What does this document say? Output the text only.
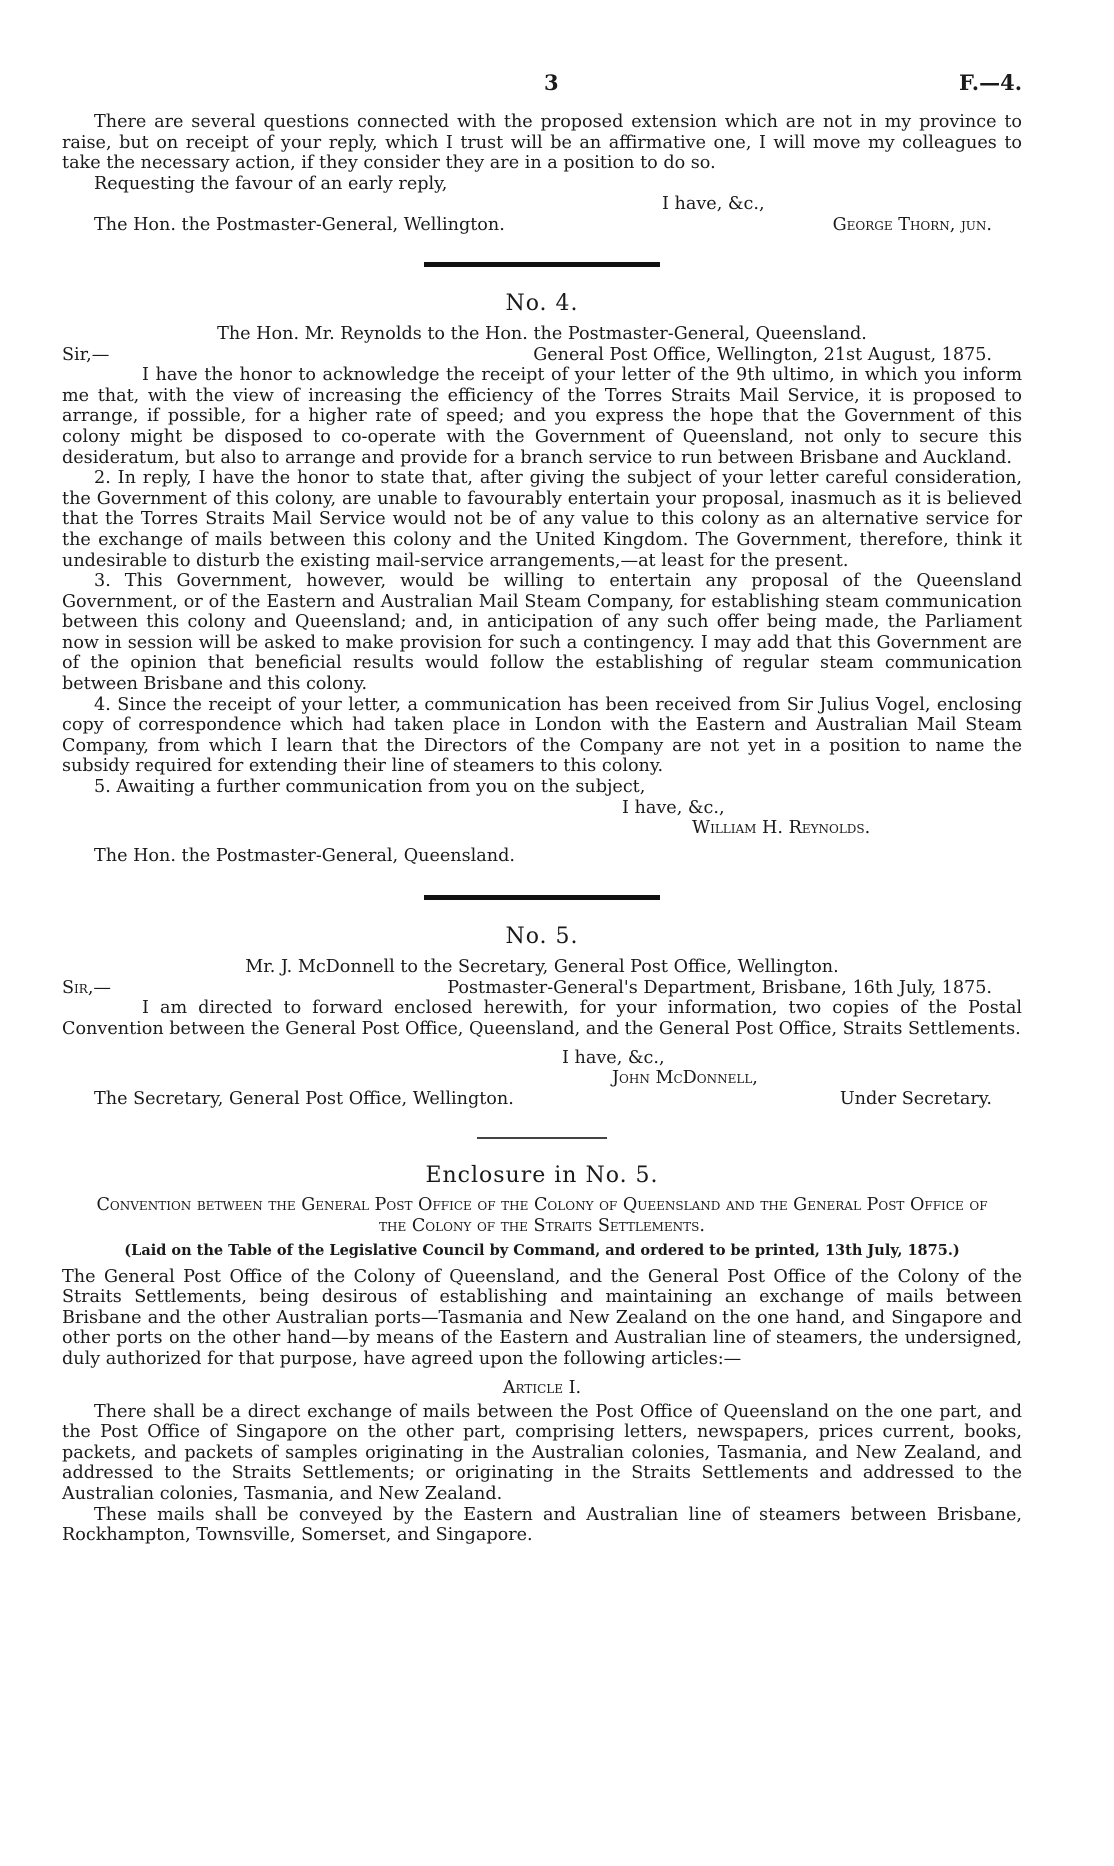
3	F.—4.

There are several questions connected with the proposed extension which are not in my province to raise, but on receipt of your reply, which I trust will be an affirmative one, I will move my colleagues to take the necessary action, if they consider they are in a position to do so.

Requesting the favour of an early reply,

I have, &c.,
The Hon. the Postmaster-General, Wellington.	George Thorn, jun.
No. 4.
The Hon. Mr. Reynolds to the Hon. the Postmaster-General, Queensland.
Sir,—	General Post Office, Wellington, 21st August, 1875.

I have the honor to acknowledge the receipt of your letter of the 9th ultimo, in which you inform me that, with the view of increasing the efficiency of the Torres Straits Mail Service, it is proposed to arrange, if possible, for a higher rate of speed; and you express the hope that the Government of this colony might be disposed to co-operate with the Government of Queensland, not only to secure this desideratum, but also to arrange and provide for a branch service to run between Brisbane and Auckland.

2. In reply, I have the honor to state that, after giving the subject of your letter careful consideration, the Government of this colony, are unable to favourably entertain your proposal, inasmuch as it is believed that the Torres Straits Mail Service would not be of any value to this colony as an alternative service for the exchange of mails between this colony and the United Kingdom. The Government, therefore, think it undesirable to disturb the existing mail-service arrangements,—at least for the present.

3. This Government, however, would be willing to entertain any proposal of the Queensland Government, or of the Eastern and Australian Mail Steam Company, for establishing steam communication between this colony and Queensland; and, in anticipation of any such offer being made, the Parliament now in session will be asked to make provision for such a contingency. I may add that this Government are of the opinion that beneficial results would follow the establishing of regular steam communication between Brisbane and this colony.

4. Since the receipt of your letter, a communication has been received from Sir Julius Vogel, enclosing copy of correspondence which had taken place in London with the Eastern and Australian Mail Steam Company, from which I learn that the Directors of the Company are not yet in a position to name the subsidy required for extending their line of steamers to this colony.

5. Awaiting a further communication from you on the subject,

I have, &c.,
William H. Reynolds.
The Hon. the Postmaster-General, Queensland.
No. 5.
Mr. J. McDonnell to the Secretary, General Post Office, Wellington.
Sir,—	Postmaster-General's Department, Brisbane, 16th July, 1875.

I am directed to forward enclosed herewith, for your information, two copies of the Postal Convention between the General Post Office, Queensland, and the General Post Office, Straits Settlements.

I have, &c.,
John McDonnell,
The Secretary, General Post Office, Wellington.	Under Secretary.
Enclosure in No. 5.
Convention between the General Post Office of the Colony of Queensland and the General Post Office of the Colony of the Straits Settlements.
(Laid on the Table of the Legislative Council by Command, and ordered to be printed, 13th July, 1875.)

The General Post Office of the Colony of Queensland, and the General Post Office of the Colony of the Straits Settlements, being desirous of establishing and maintaining an exchange of mails between Brisbane and the other Australian ports—Tasmania and New Zealand on the one hand, and Singapore and other ports on the other hand—by means of the Eastern and Australian line of steamers, the undersigned, duly authorized for that purpose, have agreed upon the following articles:—

Article I.

There shall be a direct exchange of mails between the Post Office of Queensland on the one part, and the Post Office of Singapore on the other part, comprising letters, newspapers, prices current, books, packets, and packets of samples originating in the Australian colonies, Tasmania, and New Zealand, and addressed to the Straits Settlements; or originating in the Straits Settlements and addressed to the Australian colonies, Tasmania, and New Zealand.

These mails shall be conveyed by the Eastern and Australian line of steamers between Brisbane, Rockhampton, Townsville, Somerset, and Singapore.
